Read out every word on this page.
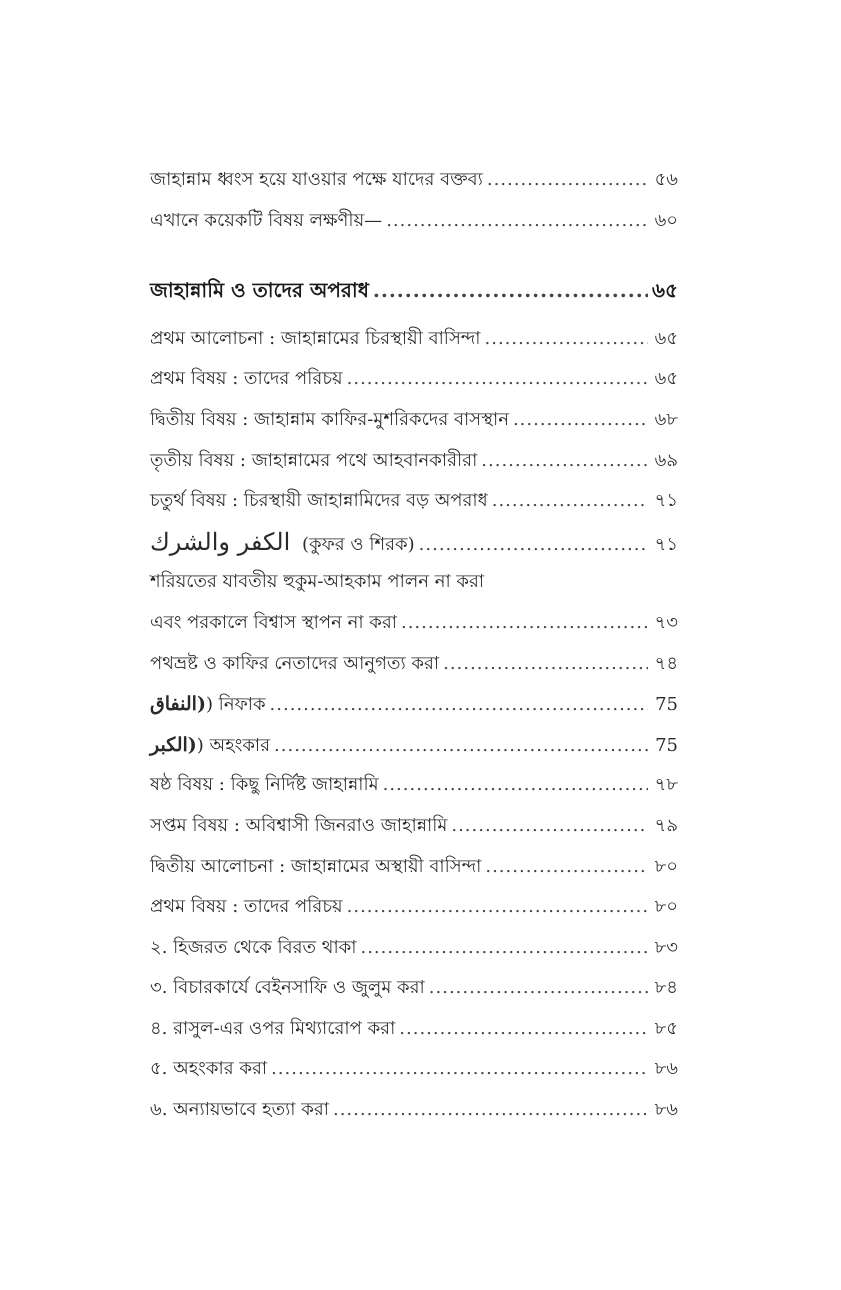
জাহান্নাম ধ্বংস হয়ে যাওয়ার পক্ষে যাদের বক্তব্য .....	৫৬
এখানে কয়েকটি বিষয় লক্ষণীয়— .....	৬০
জাহান্নামি ও তাদের অপরাধ .....	৬৫
প্রথম আলোচনা : জাহান্নামের চিরস্থায়ী বাসিন্দা .....	৬৫
প্রথম বিষয় : তাদের পরিচয় .....	৬৫
দ্বিতীয় বিষয় : জাহান্নাম কাফির-মুশরিকদের বাসস্থান .....	৬৮
তৃতীয় বিষয় : জাহান্নামের পথে আহবানকারীরা .....	৬৯
চতুর্থ বিষয় : চিরস্থায়ী জাহান্নামিদের বড় অপরাধ .....	৭১
الكفر والشرك (কুফর ও শিরক) .....	৭১
শরিয়তের যাবতীয় হুকুম-আহকাম পালন না করা
এবং পরকালে বিশ্বাস স্থাপন না করা .....	৭৩
পথভ্রষ্ট ও কাফির নেতাদের আনুগত্য করা .....	৭৪
(النفاق) নিফাক .....	75
(الكبر) অহংকার .....	75
ষষ্ঠ বিষয় : কিছু নির্দিষ্ট জাহান্নামি .....	৭৮
সপ্তম বিষয় : অবিশ্বাসী জিনরাও জাহান্নামি .....	৭৯
দ্বিতীয় আলোচনা : জাহান্নামের অস্থায়ী বাসিন্দা .....	৮০
প্রথম বিষয় : তাদের পরিচয় .....	৮০
২. হিজরত থেকে বিরত থাকা .....	৮৩
৩. বিচারকার্যে বেইনসাফি ও জুলুম করা .....	৮৪
৪. রাসুল-এর ওপর মিথ্যারোপ করা .....	৮৫
৫. অহংকার করা .....	৮৬
৬. অন্যায়ভাবে হত্যা করা .....	৮৬
